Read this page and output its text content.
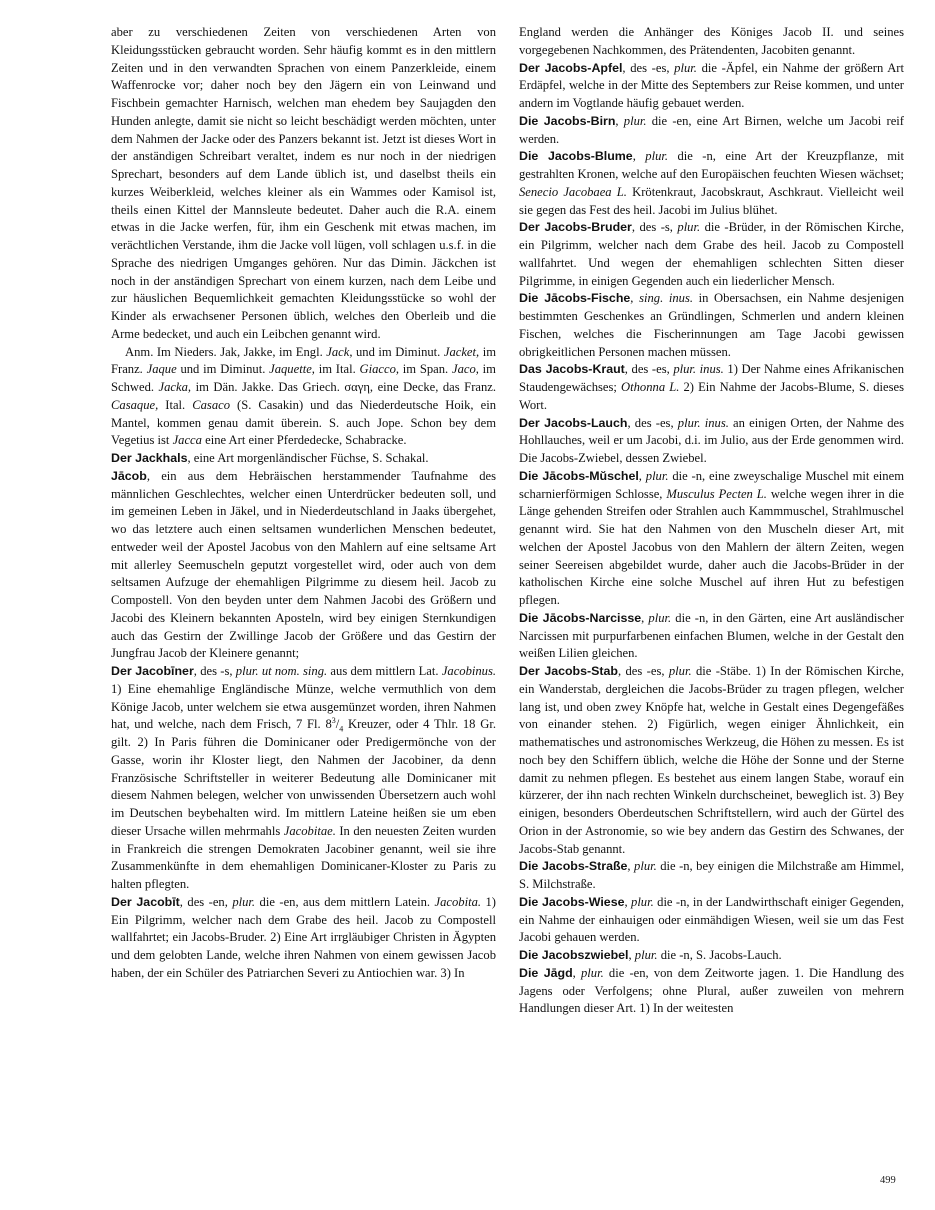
aber zu verschiedenen Zeiten von verschiedenen Arten von Kleidungsstücken gebraucht worden. Sehr häufig kommt es in den mittlern Zeiten und in den verwandten Sprachen von einem Panzerkleide, einem Waffenrocke vor; daher noch bey den Jägern ein von Leinwand und Fischbein gemachter Harnisch, welchen man ehedem bey Saujagden den Hunden anlegte, damit sie nicht so leicht beschädigt werden möchten, unter dem Nahmen der Jacke oder des Panzers bekannt ist. Jetzt ist dieses Wort in der anständigen Schreibart veraltet, indem es nur noch in der niedrigen Sprechart, besonders auf dem Lande üblich ist, und daselbst theils ein kurzes Weiberkleid, welches kleiner als ein Wammes oder Kamisol ist, theils einen Kittel der Mannsleute bedeutet. Daher auch die R.A. einem etwas in die Jacke werfen, für, ihm ein Geschenk mit etwas machen, im verächtlichen Verstande, ihm die Jacke voll lügen, voll schlagen u.s.f. in die Sprache des niedrigen Umganges gehören. Nur das Dimin. Jäckchen ist noch in der anständigen Sprechart von einem kurzen, nach dem Leibe und zur häuslichen Bequemlichkeit gemachten Kleidungsstücke so wohl der Kinder als erwachsener Personen üblich, welches den Oberleib und die Arme bedecket, und auch ein Leibchen genannt wird.

Anm. Im Nieders. Jak, Jakke, im Engl. Jack, und im Diminut. Jacket, im Franz. Jaque und im Diminut. Jaquette, im Ital. Giacco, im Span. Jaco, im Schwed. Jacka, im Dän. Jakke. Das Griech. σαγη, eine Decke, das Franz. Casaque, Ital. Casaco (S. Casakin) und das Niederdeutsche Hoik, ein Mantel, kommen genau damit überein. S. auch Jope. Schon bey dem Vegetius ist Jacca eine Art einer Pferdedecke, Schabracke.

Der Jackhals, eine Art morgenländischer Füchse, S. Schakal.

Jācob, ein aus dem Hebräischen herstammender Taufnahme des männlichen Geschlechtes, welcher einen Unterdrücker bedeuten soll, und im gemeinen Leben in Jäkel, und in Niederdeutschland in Jaaks übergehet, wo das letztere auch einen seltsamen wunderlichen Menschen bedeutet, entweder weil der Apostel Jacobus von den Mahlern auf eine seltsame Art mit allerley Seemuscheln geputzt vorgestellet wird, oder auch von dem seltsamen Aufzuge der ehemahligen Pilgrimme zu diesem heil. Jacob zu Compostell. Von den beyden unter dem Nahmen Jacobi des Größern und Jacobi des Kleinern bekannten Aposteln, wird bey einigen Sternkundigen auch das Gestirn der Zwillinge Jacob der Größere und das Gestirn der Jungfrau Jacob der Kleinere genannt;

Der Jacobīner, des -s, plur. ut nom. sing. aus dem mittlern Lat. Jacobinus. 1) Eine ehemahlige Engländische Münze, welche vermuthlich von dem Könige Jacob, unter welchem sie etwa ausgemünzet worden, ihren Nahmen hat, und welche, nach dem Frisch, 7 Fl. $8^3/_4$ Kreuzer, oder 4 Thlr. 18 Gr. gilt. 2) In Paris führen die Dominicaner oder Predigermönche von der Gasse, worin ihr Kloster liegt, den Nahmen der Jacobiner, da denn Französische Schriftsteller in weiterer Bedeutung alle Dominicaner mit diesem Nahmen belegen, welcher von unwissenden Übersetzern auch wohl im Deutschen beybehalten wird. Im mittlern Lateine heißen sie um eben dieser Ursache willen mehrmahls Jacobitae. In den neuesten Zeiten wurden in Frankreich die strengen Demokraten Jacobiner genannt, weil sie ihre Zusammenkünfte in dem ehemahligen Dominicaner-Kloster zu Paris zu halten pflegten.

Der Jacobīt, des -en, plur. die -en, aus dem mittlern Latein. Jacobita. 1) Ein Pilgrimm, welcher nach dem Grabe des heil. Jacob zu Compostell wallfahrtet; ein Jacobs-Bruder. 2) Eine Art irrgläubiger Christen in Ägypten und dem gelobten Lande, welche ihren Nahmen von einem gewissen Jacob haben, der ein Schüler des Patriarchen Severi zu Antiochien war. 3) In

England werden die Anhänger des Königes Jacob II. und seines vorgegebenen Nachkommen, des Prätendenten, Jacobiten genannt.

Der Jacobs-Apfel, des -es, plur. die -Äpfel, ein Nahme der größern Art Erdäpfel, welche in der Mitte des Septembers zur Reise kommen, und unter andern im Vogtlande häufig gebauet werden.

Die Jacobs-Birn, plur. die -en, eine Art Birnen, welche um Jacobi reif werden.

Die Jacobs-Blume, plur. die -n, eine Art der Kreuzpflanze, mit gestrahlten Kronen, welche auf den Europäischen feuchten Wiesen wächset; Senecio Jacobaea L. Krötenkraut, Jacobskraut, Aschkraut. Vielleicht weil sie gegen das Fest des heil. Jacobi im Julius blühet.

Der Jacobs-Bruder, des -s, plur. die -Brüder, in der Römischen Kirche, ein Pilgrimm, welcher nach dem Grabe des heil. Jacob zu Compostell wallfahrtet. Und wegen der ehemahligen schlechten Sitten dieser Pilgrimme, in einigen Gegenden auch ein liederlicher Mensch.

Die Jācobs-Fische, sing. inus. in Obersachsen, ein Nahme desjenigen bestimmten Geschenkes an Gründlingen, Schmerlen und andern kleinen Fischen, welches die Fischerinnungen am Tage Jacobi gewissen obrigkeitlichen Personen machen müssen.

Das Jacobs-Kraut, des -es, plur. inus. 1) Der Nahme eines Afrikanischen Staudengewächses; Othonna L. 2) Ein Nahme der Jacobs-Blume, S. dieses Wort.

Der Jacobs-Lauch, des -es, plur. inus. an einigen Orten, der Nahme des Hohllauches, weil er um Jacobi, d.i. im Julio, aus der Erde genommen wird. Die Jacobs-Zwiebel, dessen Zwiebel.

Die Jācobs-Mŭschel, plur. die -n, eine zweyschalige Muschel mit einem scharnierförmigen Schlosse, Musculus Pecten L. welche wegen ihrer in die Länge gehenden Streifen oder Strahlen auch Kammmuschel, Strahlmuschel genannt wird. Sie hat den Nahmen von den Muscheln dieser Art, mit welchen der Apostel Jacobus von den Mahlern der ältern Zeiten, wegen seiner Seereisen abgebildet wurde, daher auch die Jacobs-Brüder in der katholischen Kirche eine solche Muschel auf ihren Hut zu befestigen pflegen.

Die Jācobs-Narcisse, plur. die -n, in den Gärten, eine Art ausländischer Narcissen mit purpurfarbenen einfachen Blumen, welche in der Gestalt den weißen Lilien gleichen.

Der Jacobs-Stab, des -es, plur. die -Stäbe. 1) In der Römischen Kirche, ein Wanderstab, dergleichen die Jacobs-Brüder zu tragen pflegen, welcher lang ist, und oben zwey Knöpfe hat, welche in Gestalt eines Degengefäßes von einander stehen. 2) Figürlich, wegen einiger Ähnlichkeit, ein mathematisches und astronomisches Werkzeug, die Höhen zu messen. Es ist noch bey den Schiffern üblich, welche die Höhe der Sonne und der Sterne damit zu nehmen pflegen. Es bestehet aus einem langen Stabe, worauf ein kürzerer, der ihn nach rechten Winkeln durchscheinet, beweglich ist. 3) Bey einigen, besonders Oberdeutschen Schriftstellern, wird auch der Gürtel des Orion in der Astronomie, so wie bey andern das Gestirn des Schwanes, der Jacobs-Stab genannt.

Die Jacobs-Straße, plur. die -n, bey einigen die Milchstraße am Himmel, S. Milchstraße.

Die Jacobs-Wiese, plur. die -n, in der Landwirthschaft einiger Gegenden, ein Nahme der einhauigen oder einmähdigen Wiesen, weil sie um das Fest Jacobi gehauen werden.

Die Jacobszwiebel, plur. die -n, S. Jacobs-Lauch.

Die Jāgd, plur. die -en, von dem Zeitworte jagen. 1. Die Handlung des Jagens oder Verfolgens; ohne Plural, außer zuweilen von mehrern Handlungen dieser Art. 1) In der weitesten

499
